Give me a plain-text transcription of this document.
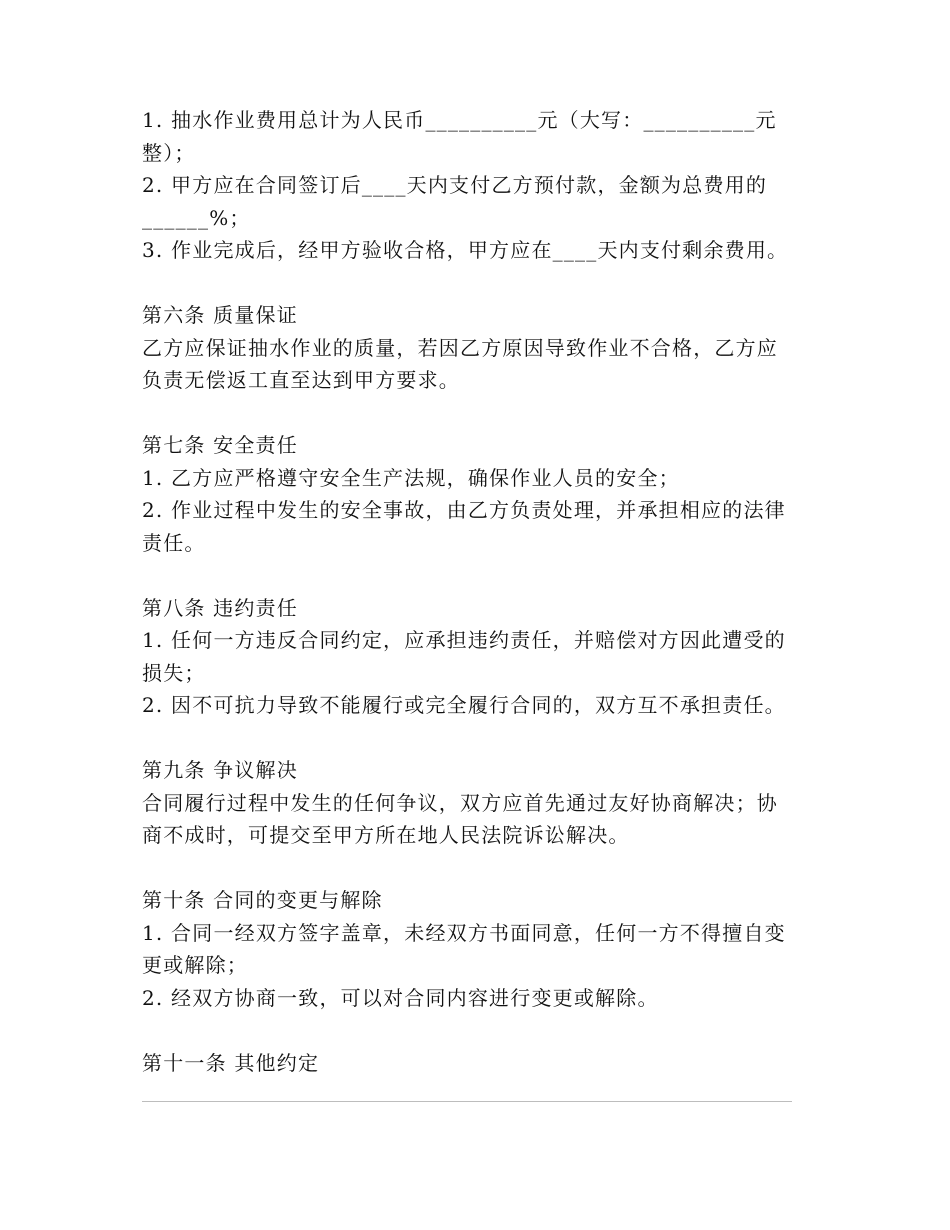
1. 抽水作业费用总计为人民币__________元（大写：__________元
整）；
2. 甲方应在合同签订后____天内支付乙方预付款，金额为总费用的
______%；
3. 作业完成后，经甲方验收合格，甲方应在____天内支付剩余费用。
第六条 质量保证
乙方应保证抽水作业的质量，若因乙方原因导致作业不合格，乙方应
负责无偿返工直至达到甲方要求。
第七条 安全责任
1. 乙方应严格遵守安全生产法规，确保作业人员的安全；
2. 作业过程中发生的安全事故，由乙方负责处理，并承担相应的法律
责任。
第八条 违约责任
1. 任何一方违反合同约定，应承担违约责任，并赔偿对方因此遭受的
损失；
2. 因不可抗力导致不能履行或完全履行合同的，双方互不承担责任。
第九条 争议解决
合同履行过程中发生的任何争议，双方应首先通过友好协商解决；协
商不成时，可提交至甲方所在地人民法院诉讼解决。
第十条 合同的变更与解除
1. 合同一经双方签字盖章，未经双方书面同意，任何一方不得擅自变
更或解除；
2. 经双方协商一致，可以对合同内容进行变更或解除。
第十一条 其他约定
